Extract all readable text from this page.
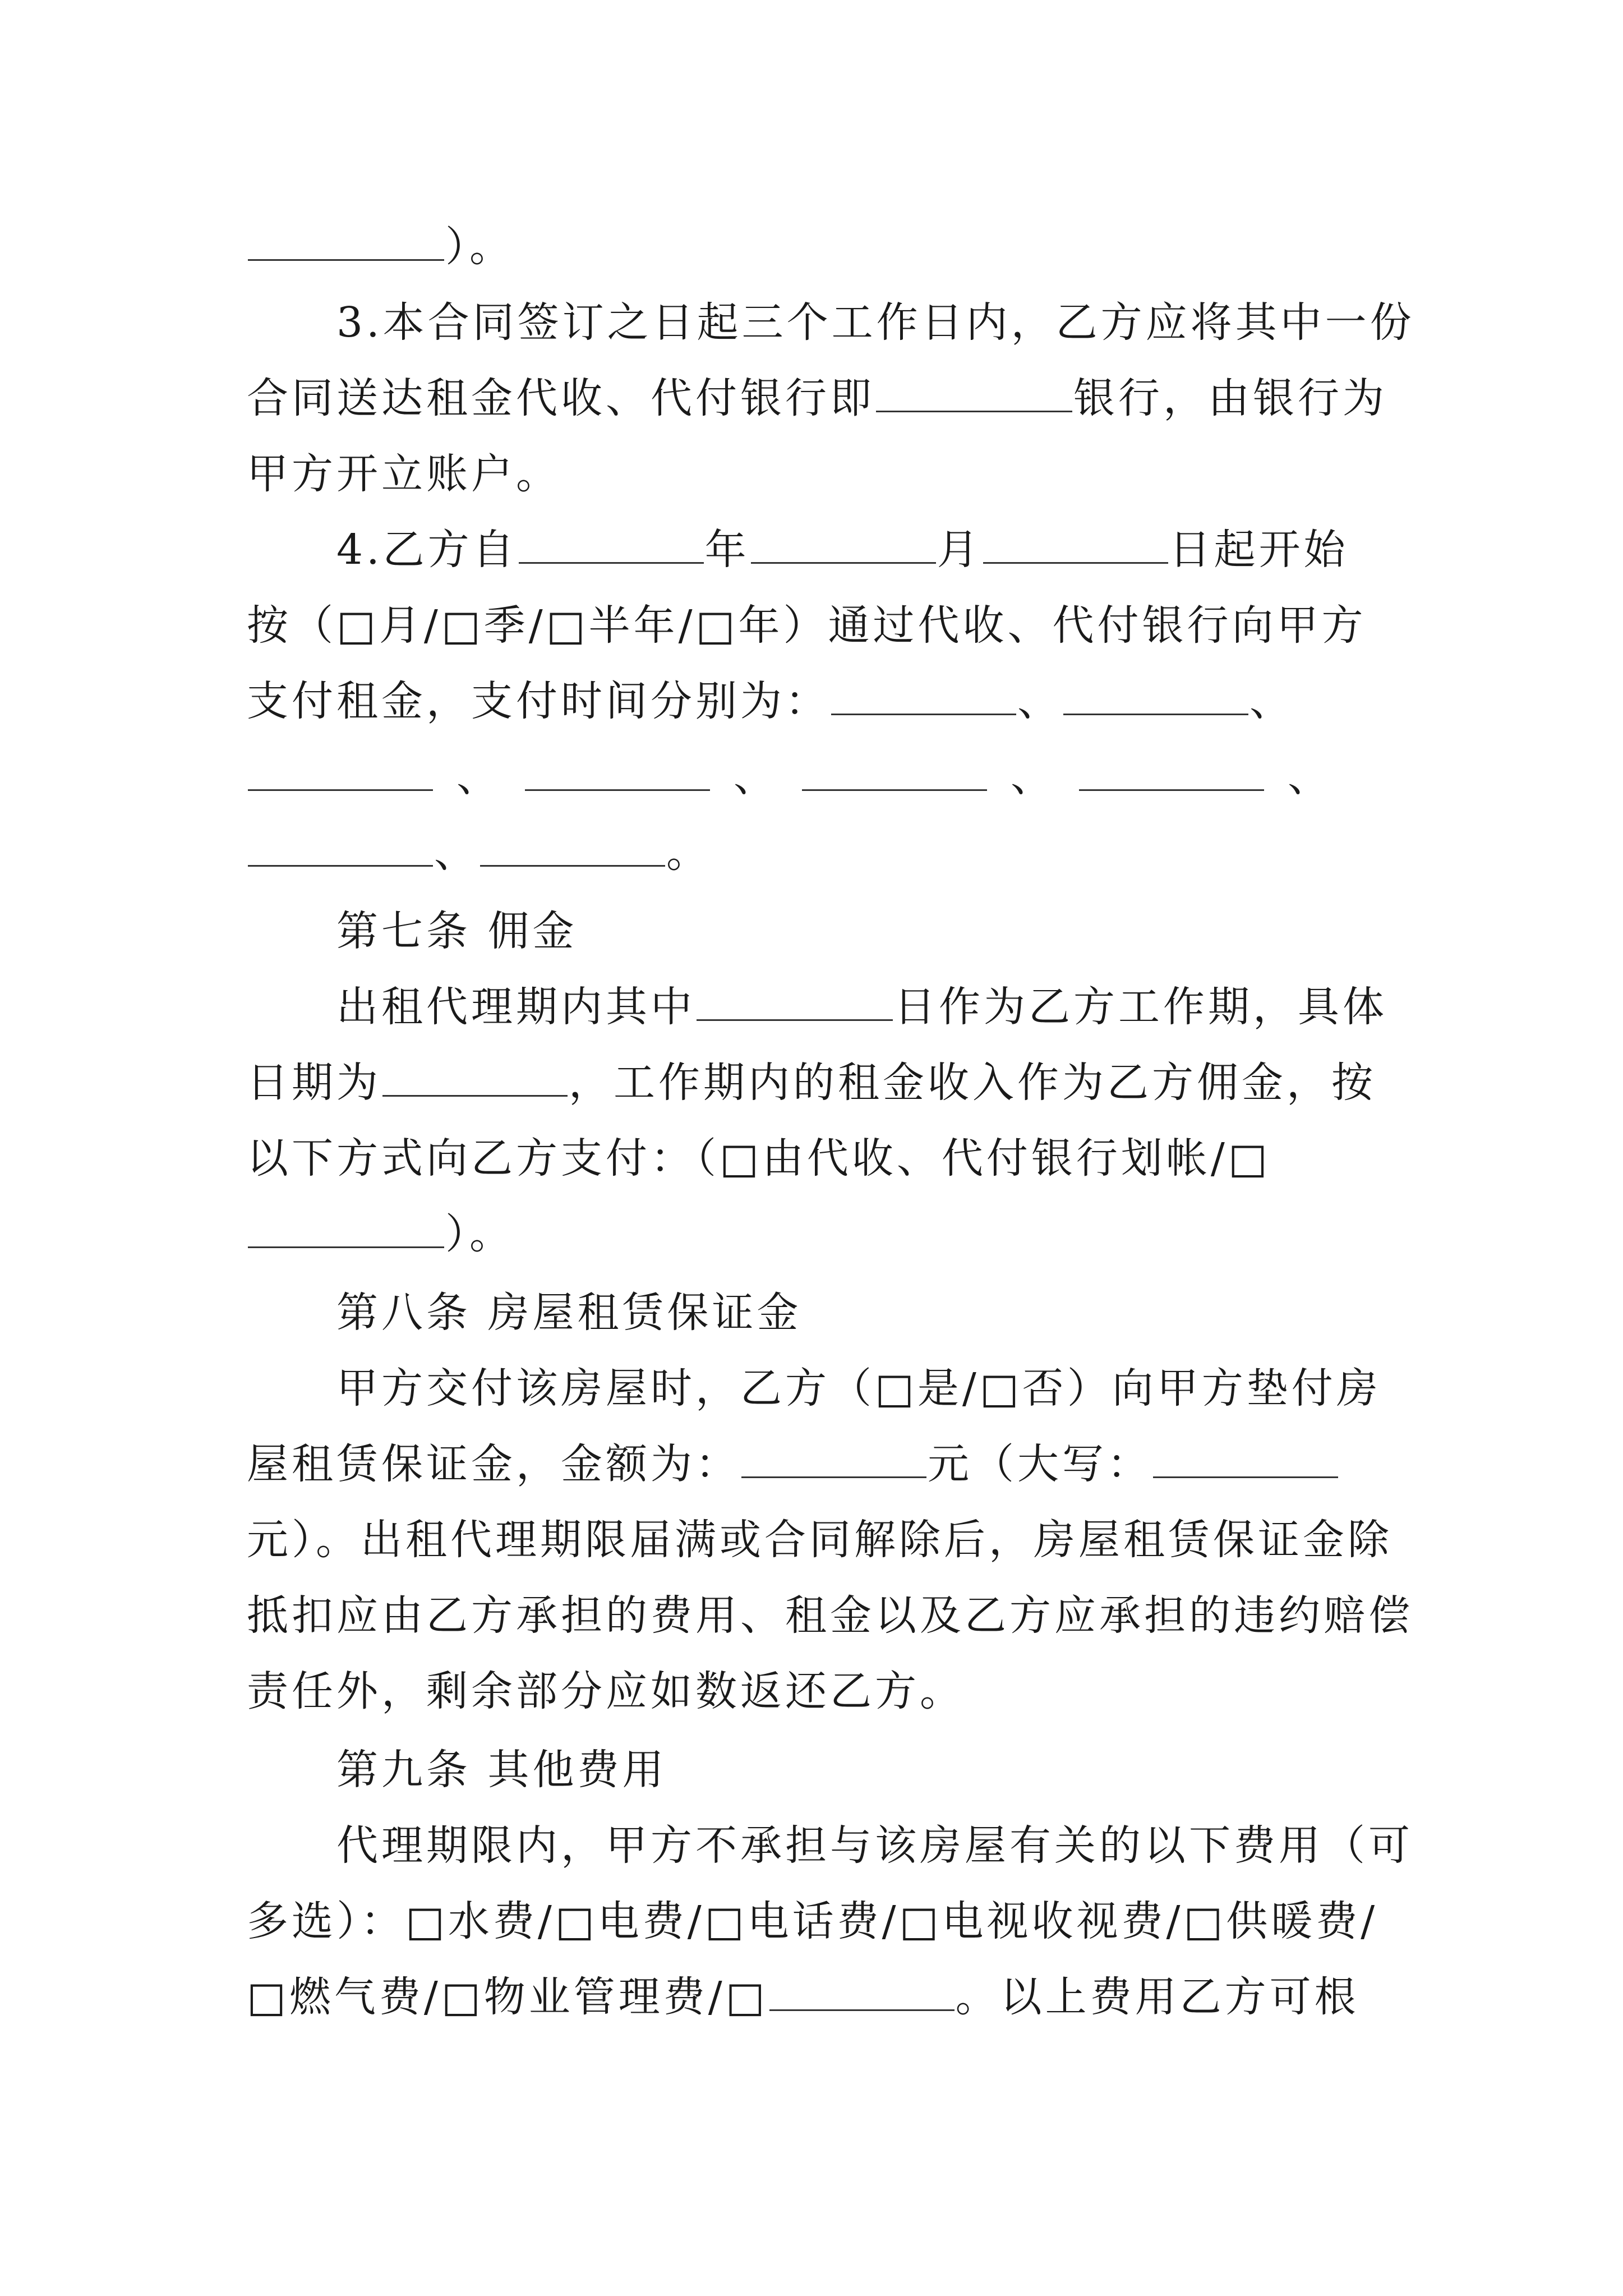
）。
3.本合同签订之日起三个工作日内，乙方应将其中一份
合同送达租金代收、代付银行即	银行，由银行为
甲方开立账户。
4.乙方自	年	月	日起开始
按（□月/□季/□半年/□年）通过代收、代付银行向甲方
支付租金，支付时间分别为：	、	、
、	、	、	、
、	。
第七条 佣金
出租代理期内其中	日作为乙方工作期，具体
日期为	，工作期内的租金收入作为乙方佣金，按
以下方式向乙方支付：（□由代收、代付银行划帐/□
）。
第八条 房屋租赁保证金
甲方交付该房屋时，乙方（□是/□否）向甲方垫付房
屋租赁保证金，金额为：	元（大写：
元）。出租代理期限届满或合同解除后，房屋租赁保证金除
抵扣应由乙方承担的费用、租金以及乙方应承担的违约赔偿
责任外，剩余部分应如数返还乙方。
第九条 其他费用
代理期限内，甲方不承担与该房屋有关的以下费用（可
多选）：□水费/□电费/□电话费/□电视收视费/□供暖费/
□燃气费/□物业管理费/□	。以上费用乙方可根
